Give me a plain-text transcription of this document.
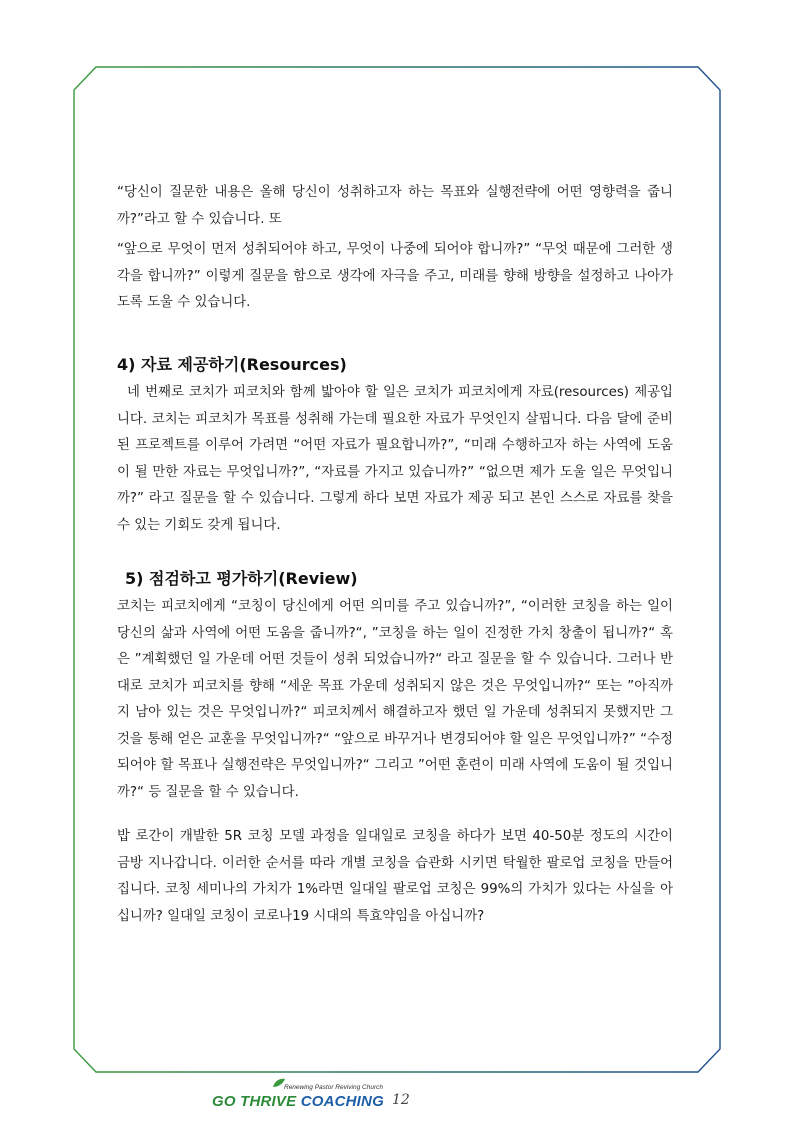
“당신이 질문한 내용은 올해 당신이 성취하고자 하는 목표와 실행전략에 어떤 영향력을 줍니까?”라고 할 수 있습니다. 또

“앞으로 무엇이 먼저 성취되어야 하고, 무엇이 나중에 되어야 합니까?” “무엇 때문에 그러한 생각을 합니까?” 이렇게 질문을 함으로 생각에 자극을 주고, 미래를 향해 방향을 설정하고 나아가도록 도울 수 있습니다.

4) 자료 제공하기(Resources)

네 번째로 코치가 피코치와 함께 밟아야 할 일은 코치가 피코치에게 자료(resources) 제공입니다. 코치는 피코치가 목표를 성취해 가는데 필요한 자료가 무엇인지 살핍니다. 다음 달에 준비된 프로젝트를 이루어 가려면 “어떤 자료가 필요합니까?”, “미래 수행하고자 하는 사역에 도움이 될 만한 자료는 무엇입니까?”, “자료를 가지고 있습니까?” “없으면 제가 도울 일은 무엇입니까?” 라고 질문을 할 수 있습니다. 그렇게 하다 보면 자료가 제공 되고 본인 스스로 자료를 찾을 수 있는 기회도 갖게 됩니다.

5) 점검하고 평가하기(Review)

코치는 피코치에게 “코칭이 당신에게 어떤 의미를 주고 있습니까?”, “이러한 코칭을 하는 일이 당신의 삶과 사역에 어떤 도움을 줍니까?“, ”코칭을 하는 일이 진정한 가치 창출이 됩니까?“ 혹은 ”계획했던 일 가운데 어떤 것들이 성취 되었습니까?“ 라고 질문을 할 수 있습니다. 그러나 반대로 코치가 피코치를 향해 “세운 목표 가운데 성취되지 않은 것은 무엇입니까?“ 또는 ”아직까지 남아 있는 것은 무엇입니까?“ 피코치께서 해결하고자 했던 일 가운데 성취되지 못했지만 그것을 통해 얻은 교훈을 무엇입니까?“ “앞으로 바꾸거나 변경되어야 할 일은 무엇입니까?” “수정되어야 할 목표나 실행전략은 무엇입니까?“ 그리고 ”어떤 훈련이 미래 사역에 도움이 될 것입니까?“ 등 질문을 할 수 있습니다.

밥 로간이 개발한 5R 코칭 모델 과정을 일대일로 코칭을 하다가 보면 40-50분 정도의 시간이 금방 지나갑니다. 이러한 순서를 따라 개별 코칭을 습관화 시키면 탁월한 팔로업 코칭을 만들어 집니다. 코칭 세미나의 가치가 1%라면 일대일 팔로업 코칭은 99%의 가치가 있다는 사실을 아십니까? 일대일 코칭이 코로나19 시대의 특효약임을 아십니까?

Renewing Pastor Reviving Church
GO THRIVE COACHING 12
